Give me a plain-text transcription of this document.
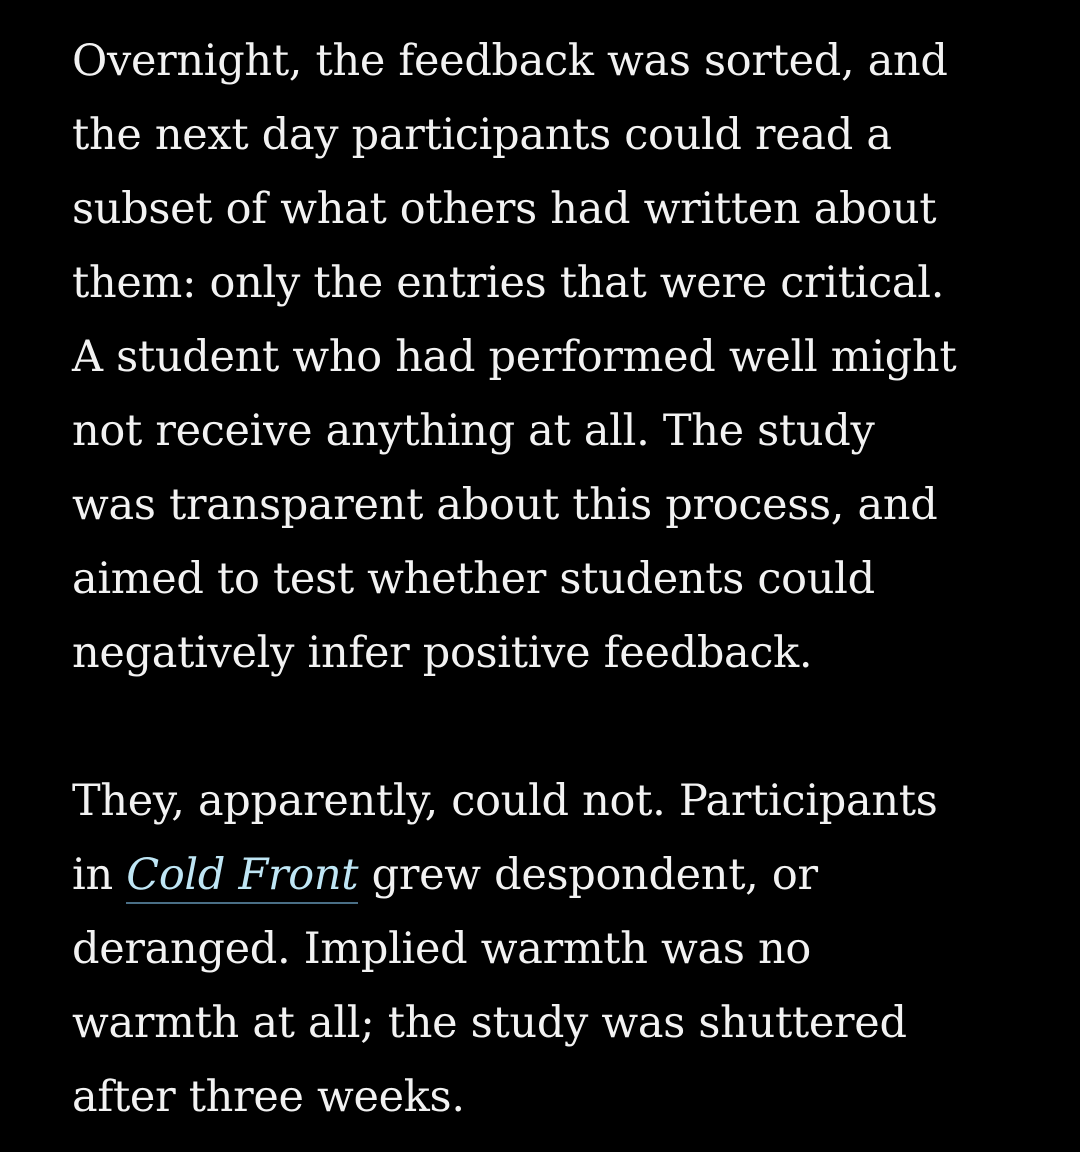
Overnight, the feedback was sorted, and
the next day participants could read a
subset of what others had written about
them: only the entries that were critical.
A student who had performed well might
not receive anything at all. The study
was transparent about this process, and
aimed to test whether students could
negatively infer positive feedback.

They, apparently, could not. Participants
in Cold Front grew despondent, or
deranged. Implied warmth was no
warmth at all; the study was shuttered
after three weeks.
